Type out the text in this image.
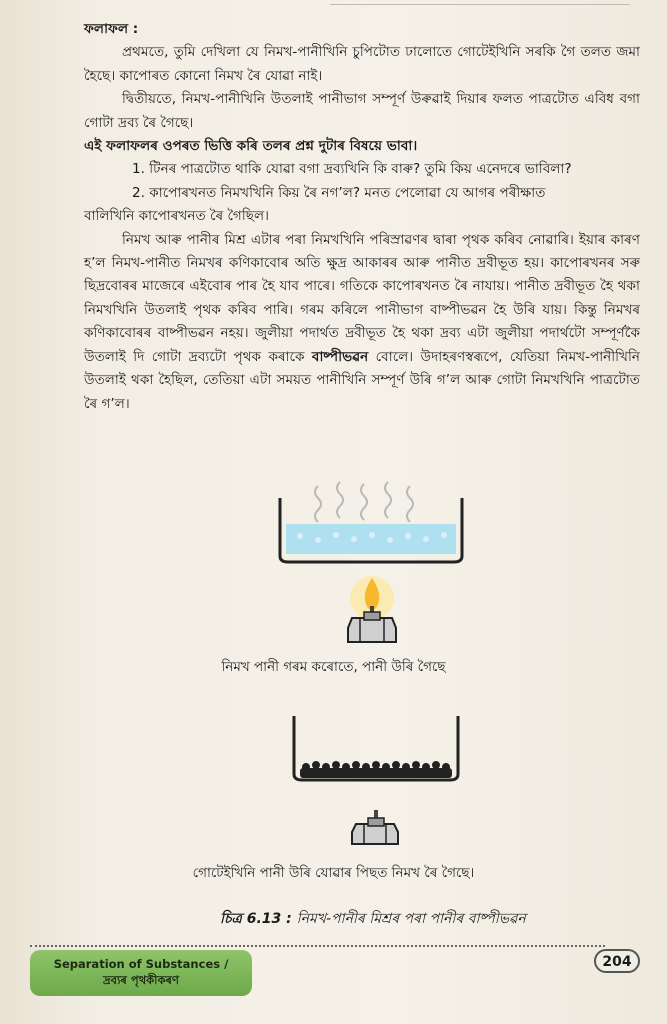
ফলাফল :

প্ৰথমতে, তুমি দেখিলা যে নিমখ-পানীখিনি চুপিটোত ঢালোতে গোটেইখিনি সৰকি গৈ তলত জমা হৈছে। কাপোৰত কোনো নিমখ ৰৈ যোৱা নাই।

দ্বিতীয়তে, নিমখ-পানীখিনি উতলাই পানীভাগ সম্পূৰ্ণ উৰুৱাই দিয়াৰ ফলত পাত্ৰটোত এবিধ বগা গোটা দ্ৰব্য ৰৈ গৈছে।

এই ফলাফলৰ ওপৰত ভিত্তি কৰি তলৰ প্ৰশ্ন দুটাৰ বিষয়ে ভাবা।

1. টিনৰ পাত্ৰটোত থাকি যোৱা বগা দ্ৰব্যখিনি কি বাৰু? তুমি কিয় এনেদৰে ভাবিলা?

2. কাপোৰখনত নিমখখিনি কিয় ৰৈ নগ’ল? মনত পেলোৱা যে আগৰ পৰীক্ষাত

বালিখিনি কাপোৰখনত ৰৈ গৈছিল।

নিমখ আৰু পানীৰ মিশ্ৰ এটাৰ পৰা নিমখখিনি পৰিস্ৰাৱণৰ দ্বাৰা পৃথক কৰিব নোৱাৰি। ইয়াৰ কাৰণ হ’ল নিমখ-পানীত নিমখৰ কণিকাবোৰ অতি ক্ষুদ্ৰ আকাৰৰ আৰু পানীত দ্ৰবীভূত হয়। কাপোৰখনৰ সৰু ছিদ্ৰবোৰৰ মাজেৰে এইবোৰ পাৰ হৈ যাব পাৰে। গতিকে কাপোৰখনত ৰৈ নাযায়। পানীত দ্ৰবীভূত হৈ থকা নিমখখিনি উতলাই পৃথক কৰিব পাৰি। গৰম কৰিলে পানীভাগ বাষ্পীভৱন হৈ উৰি যায়। কিন্তু নিমখৰ কণিকাবোৰৰ বাষ্পীভৱন নহয়। জুলীয়া পদাৰ্থত দ্ৰবীভূত হৈ থকা দ্ৰব্য এটা জুলীয়া পদাৰ্থটো সম্পূৰ্ণকৈ উতলাই দি গোটা দ্ৰব্যটো পৃথক কৰাকে বাষ্পীভৱন বোলে। উদাহৰণস্বৰূপে, যেতিয়া নিমখ-পানীখিনি উতলাই থকা হৈছিল, তেতিয়া এটা সময়ত পানীখিনি সম্পূৰ্ণ উৰি গ’ল আৰু গোটা নিমখখিনি পাত্ৰটোত ৰৈ গ’ল।

নিমখ পানী গৰম কৰোতে, পানী উৰি গৈছে
গোটেইখিনি পানী উৰি যোৱাৰ পিছত নিমখ ৰৈ গৈছে।
চিত্ৰ 6.13 : নিমখ-পানীৰ মিশ্ৰৰ পৰা পানীৰ বাষ্পীভৱন
Separation of Substances /
দ্ৰব্যৰ পৃথকীকৰণ
204
